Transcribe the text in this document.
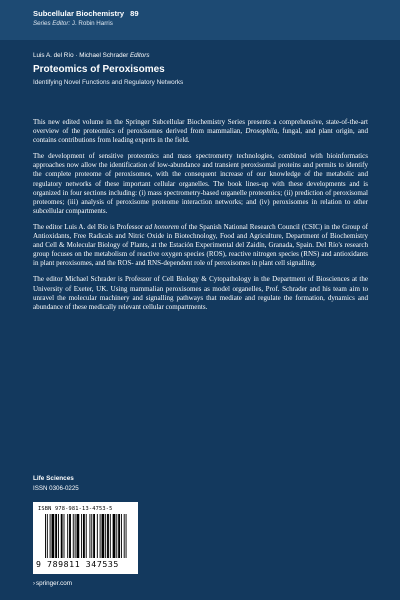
Subcellular Biochemistry 89
Series Editor: J. Robin Harris
Luis A. del Río · Michael Schrader Editors
Proteomics of Peroxisomes
Identifying Novel Functions and Regulatory Networks

This new edited volume in the Springer Subcellular Biochemistry Series presents a comprehensive, state-of-the-art overview of the proteomics of peroxisomes derived from mammalian, Drosophila, fungal, and plant origin, and contains contributions from leading experts in the field.

The development of sensitive proteomics and mass spectrometry technologies, combined with bioinformatics approaches now allow the identification of low-abundance and transient peroxisomal proteins and permits to identify the complete proteome of peroxisomes, with the consequent increase of our knowledge of the metabolic and regulatory networks of these important cellular organelles. The book lines-up with these developments and is organized in four sections including: (i) mass spectrometry-based organelle proteomics; (ii) prediction of peroxisomal proteomes; (iii) analysis of peroxisome proteome interaction networks; and (iv) peroxisomes in relation to other subcellular compartments.

The editor Luis A. del Río is Professor ad honorem of the Spanish National Research Council (CSIC) in the Group of Antioxidants, Free Radicals and Nitric Oxide in Biotechnology, Food and Agriculture, Department of Biochemistry and Cell & Molecular Biology of Plants, at the Estación Experimental del Zaidín, Granada, Spain. Del Río's research group focuses on the metabolism of reactive oxygen species (ROS), reactive nitrogen species (RNS) and antioxidants in plant peroxisomes, and the ROS- and RNS-dependent role of peroxisomes in plant cell signalling.

The editor Michael Schrader is Professor of Cell Biology & Cytopathology in the Department of Biosciences at the University of Exeter, UK. Using mammalian peroxisomes as model organelles, Prof. Schrader and his team aim to unravel the molecular machinery and signalling pathways that mediate and regulate the formation, dynamics and abundance of these medically relevant cellular compartments.

Life Sciences
ISSN 0306-0225
ISBN 978-981-13-4753-5
9 789811 347535
›springer.com
